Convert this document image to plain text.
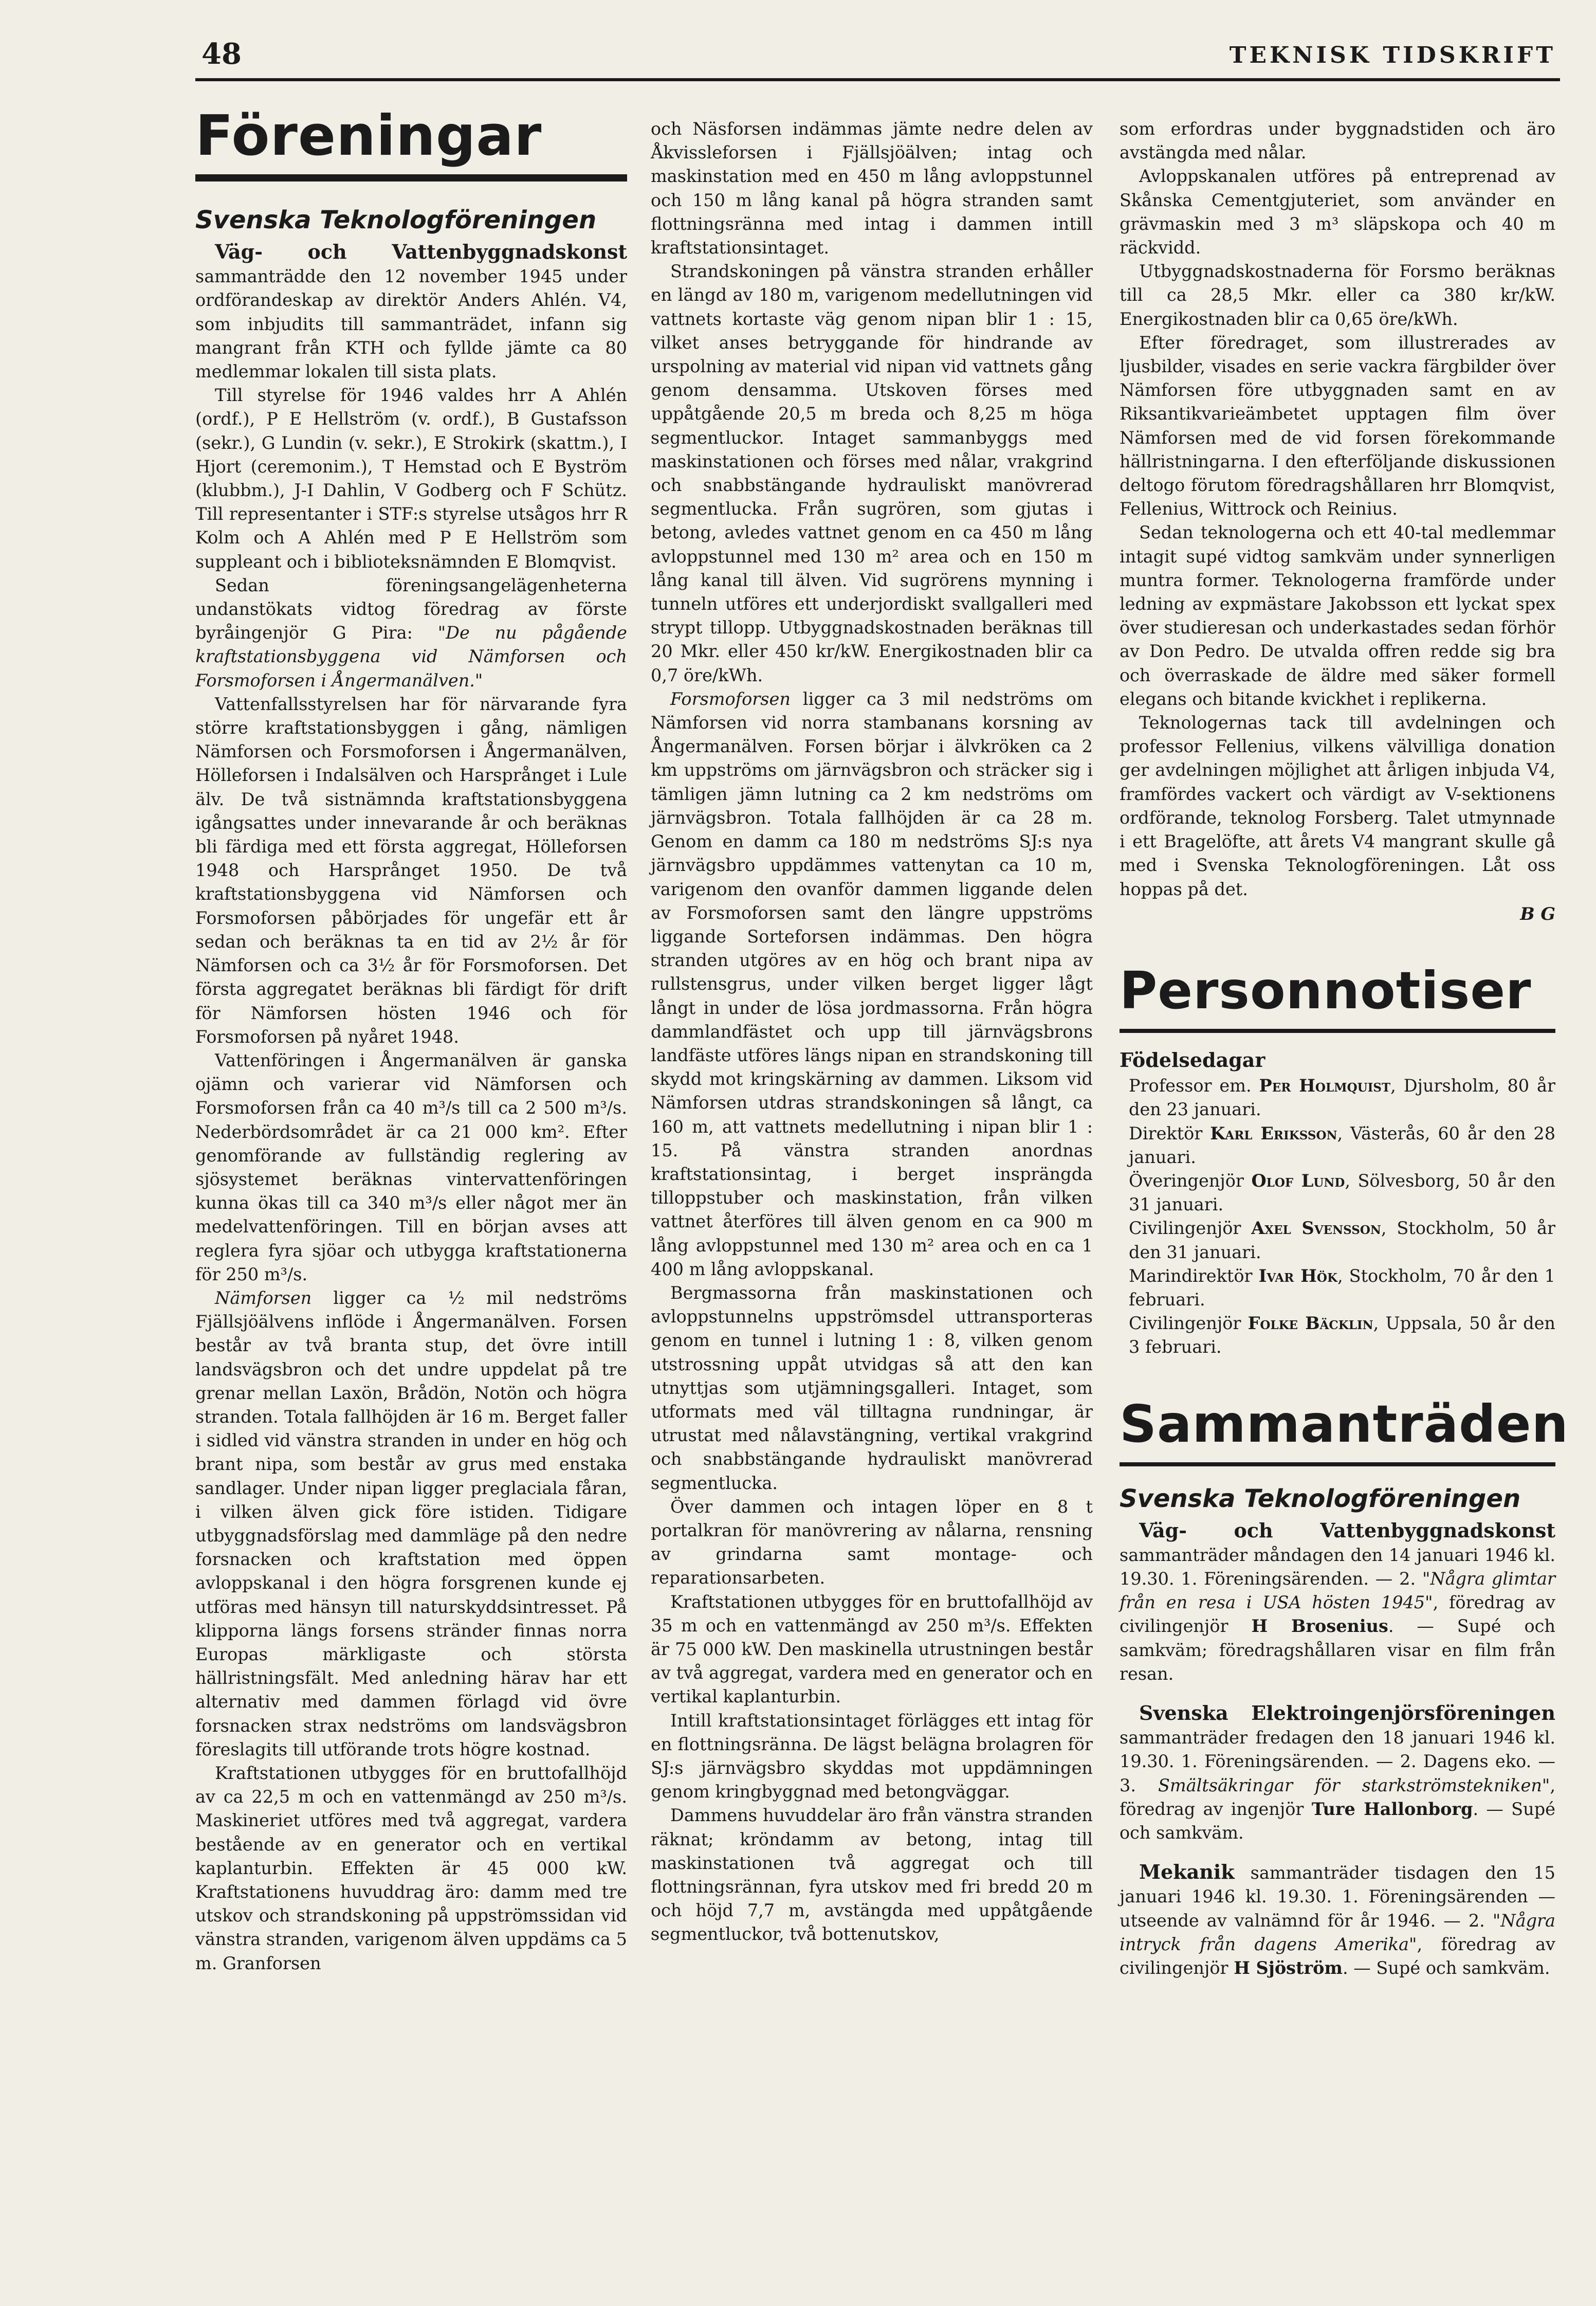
48	TEKNISK TIDSKRIFT
Föreningar
Svenska Teknologföreningen

Väg- och Vattenbyggnadskonst sammanträdde den 12 november 1945 under ordförandeskap av direktör Anders Ahlén. V4, som inbjudits till sammanträdet, infann sig mangrant från KTH och fyllde jämte ca 80 medlemmar lokalen till sista plats.

Till styrelse för 1946 valdes hrr A Ahlén (ordf.), P E Hellström (v. ordf.), B Gustafsson (sekr.), G Lundin (v. sekr.), E Strokirk (skattm.), I Hjort (ceremonim.), T Hemstad och E Byström (klubbm.), J-I Dahlin, V Godberg och F Schütz. Till representanter i STF:s styrelse utsågos hrr R Kolm och A Ahlén med P E Hellström som suppleant och i biblioteksnämnden E Blomqvist.

Sedan föreningsangelägenheterna undanstökats vidtog föredrag av förste byråingenjör G Pira: "De nu pågående kraftstationsbyggena vid Nämforsen och Forsmoforsen i Ångermanälven."

Vattenfallsstyrelsen har för närvarande fyra större kraftstationsbyggen i gång, nämligen Nämforsen och Forsmoforsen i Ångermanälven, Hölleforsen i Indalsälven och Harsprånget i Lule älv. De två sistnämnda kraftstationsbyggena igångsattes under innevarande år och beräknas bli färdiga med ett första aggregat, Hölleforsen 1948 och Harsprånget 1950. De två kraftstationsbyggena vid Nämforsen och Forsmoforsen påbörjades för ungefär ett år sedan och beräknas ta en tid av 2½ år för Nämforsen och ca 3½ år för Forsmoforsen. Det första aggregatet beräknas bli färdigt för drift för Nämforsen hösten 1946 och för Forsmoforsen på nyåret 1948.

Vattenföringen i Ångermanälven är ganska ojämn och varierar vid Nämforsen och Forsmoforsen från ca 40 m³/s till ca 2 500 m³/s. Nederbördsområdet är ca 21 000 km². Efter genomförande av fullständig reglering av sjösystemet beräknas vintervattenföringen kunna ökas till ca 340 m³/s eller något mer än medelvattenföringen. Till en början avses att reglera fyra sjöar och utbygga kraftstationerna för 250 m³/s.

Nämforsen ligger ca ½ mil nedströms Fjällsjöälvens inflöde i Ångermanälven. Forsen består av två branta stup, det övre intill landsvägsbron och det undre uppdelat på tre grenar mellan Laxön, Brådön, Notön och högra stranden. Totala fallhöjden är 16 m. Berget faller i sidled vid vänstra stranden in under en hög och brant nipa, som består av grus med enstaka sandlager. Under nipan ligger preglaciala fåran, i vilken älven gick före istiden. Tidigare utbyggnadsförslag med dammläge på den nedre forsnacken och kraftstation med öppen avloppskanal i den högra forsgrenen kunde ej utföras med hänsyn till naturskyddsintresset. På klipporna längs forsens stränder finnas norra Europas märkligaste och största hällristningsfält. Med anledning härav har ett alternativ med dammen förlagd vid övre forsnacken strax nedströms om landsvägsbron föreslagits till utförande trots högre kostnad.

Kraftstationen utbygges för en bruttofallhöjd av ca 22,5 m och en vattenmängd av 250 m³/s. Maskineriet utföres med två aggregat, vardera bestående av en generator och en vertikal kaplanturbin. Effekten är 45 000 kW. Kraftstationens huvuddrag äro: damm med tre utskov och strandskoning på uppströmssidan vid vänstra stranden, varigenom älven uppdäms ca 5 m. Granforsen

och Näsforsen indämmas jämte nedre delen av Åkvissleforsen i Fjällsjöälven; intag och maskinstation med en 450 m lång avloppstunnel och 150 m lång kanal på högra stranden samt flottningsränna med intag i dammen intill kraftstationsintaget.

Strandskoningen på vänstra stranden erhåller en längd av 180 m, varigenom medellutningen vid vattnets kortaste väg genom nipan blir 1 : 15, vilket anses betryggande för hindrande av urspolning av material vid nipan vid vattnets gång genom densamma. Utskoven förses med uppåtgående 20,5 m breda och 8,25 m höga segmentluckor. Intaget sammanbyggs med maskinstationen och förses med nålar, vrakgrind och snabbstängande hydrauliskt manövrerad segmentlucka. Från sugrören, som gjutas i betong, avledes vattnet genom en ca 450 m lång avloppstunnel med 130 m² area och en 150 m lång kanal till älven. Vid sugrörens mynning i tunneln utföres ett underjordiskt svallgalleri med strypt tillopp. Utbyggnadskostnaden beräknas till 20 Mkr. eller 450 kr/kW. Energikostnaden blir ca 0,7 öre/kWh.

Forsmoforsen ligger ca 3 mil nedströms om Nämforsen vid norra stambanans korsning av Ångermanälven. Forsen börjar i älvkröken ca 2 km uppströms om järnvägsbron och sträcker sig i tämligen jämn lutning ca 2 km nedströms om järnvägsbron. Totala fallhöjden är ca 28 m. Genom en damm ca 180 m nedströms SJ:s nya järnvägsbro uppdämmes vattenytan ca 10 m, varigenom den ovanför dammen liggande delen av Forsmoforsen samt den längre uppströms liggande Sorteforsen indämmas. Den högra stranden utgöres av en hög och brant nipa av rullstensgrus, under vilken berget ligger lågt långt in under de lösa jordmassorna. Från högra dammlandfästet och upp till järnvägsbrons landfäste utföres längs nipan en strandskoning till skydd mot kringskärning av dammen. Liksom vid Nämforsen utdras strandskoningen så långt, ca 160 m, att vattnets medellutning i nipan blir 1 : 15. På vänstra stranden anordnas kraftstationsintag, i berget insprängda tilloppstuber och maskinstation, från vilken vattnet återföres till älven genom en ca 900 m lång avloppstunnel med 130 m² area och en ca 1 400 m lång avloppskanal.

Bergmassorna från maskinstationen och avloppstunnelns uppströmsdel uttransporteras genom en tunnel i lutning 1 : 8, vilken genom utstrossning uppåt utvidgas så att den kan utnyttjas som utjämningsgalleri. Intaget, som utformats med väl tilltagna rundningar, är utrustat med nålavstängning, vertikal vrakgrind och snabbstängande hydrauliskt manövrerad segmentlucka.

Över dammen och intagen löper en 8 t portalkran för manövrering av nålarna, rensning av grindarna samt montage- och reparationsarbeten.

Kraftstationen utbygges för en bruttofallhöjd av 35 m och en vattenmängd av 250 m³/s. Effekten är 75 000 kW. Den maskinella utrustningen består av två aggregat, vardera med en generator och en vertikal kaplanturbin.

Intill kraftstationsintaget förlägges ett intag för en flottningsränna. De lägst belägna brolagren för SJ:s järnvägsbro skyddas mot uppdämningen genom kringbyggnad med betongväggar.

Dammens huvuddelar äro från vänstra stranden räknat; kröndamm av betong, intag till maskinstationen två aggregat och till flottningsrännan, fyra utskov med fri bredd 20 m och höjd 7,7 m, avstängda med uppåtgående segmentluckor, två bottenutskov,

som erfordras under byggnadstiden och äro avstängda med nålar.

Avloppskanalen utföres på entreprenad av Skånska Cementgjuteriet, som använder en grävmaskin med 3 m³ släpskopa och 40 m räckvidd.

Utbyggnadskostnaderna för Forsmo beräknas till ca 28,5 Mkr. eller ca 380 kr/kW. Energikostnaden blir ca 0,65 öre/kWh.

Efter föredraget, som illustrerades av ljusbilder, visades en serie vackra färgbilder över Nämforsen före utbyggnaden samt en av Riksantikvarieämbetet upptagen film över Nämforsen med de vid forsen förekommande hällristningarna. I den efterföljande diskussionen deltogo förutom föredragshållaren hrr Blomqvist, Fellenius, Wittrock och Reinius.

Sedan teknologerna och ett 40-tal medlemmar intagit supé vidtog samkväm under synnerligen muntra former. Teknologerna framförde under ledning av expmästare Jakobsson ett lyckat spex över studieresan och underkastades sedan förhör av Don Pedro. De utvalda offren redde sig bra och överraskade de äldre med säker formell elegans och bitande kvickhet i replikerna.

Teknologernas tack till avdelningen och professor Fellenius, vilkens välvilliga donation ger avdelningen möjlighet att årligen inbjuda V4, framfördes vackert och värdigt av V-sektionens ordförande, teknolog Forsberg. Talet utmynnade i ett Bragelöfte, att årets V4 mangrant skulle gå med i Svenska Teknologföreningen. Låt oss hoppas på det.

B G
Personnotiser
Födelsedagar

Professor em. Per Holmquist, Djursholm, 80 år den 23 januari.

Direktör Karl Eriksson, Västerås, 60 år den 28 januari.

Överingenjör Olof Lund, Sölvesborg, 50 år den 31 januari.

Civilingenjör Axel Svensson, Stockholm, 50 år den 31 januari.

Marindirektör Ivar Hök, Stockholm, 70 år den 1 februari.

Civilingenjör Folke Bäcklin, Uppsala, 50 år den 3 februari.

Sammanträden
Svenska Teknologföreningen

Väg- och Vattenbyggnadskonst sammanträder måndagen den 14 januari 1946 kl. 19.30. 1. Föreningsärenden. — 2. "Några glimtar från en resa i USA hösten 1945", föredrag av civilingenjör H Brosenius. — Supé och samkväm; föredragshållaren visar en film från resan.

Svenska Elektroingenjörsföreningen sammanträder fredagen den 18 januari 1946 kl. 19.30. 1. Föreningsärenden. — 2. Dagens eko. — 3. Smältsäkringar för starkströmstekniken", föredrag av ingenjör Ture Hallonborg. — Supé och samkväm.

Mekanik sammanträder tisdagen den 15 januari 1946 kl. 19.30. 1. Föreningsärenden — utseende av valnämnd för år 1946. — 2. "Några intryck från dagens Amerika", föredrag av civilingenjör H Sjöström. — Supé och samkväm.
